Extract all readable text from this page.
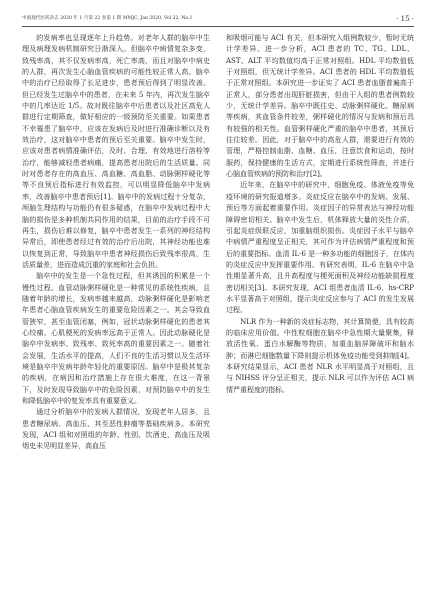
中国现代医药杂志 2020 年 1 月第 22 卷第 1 期 MMJC, Jan 2020, Vol 22, No.1	· 15 ·

的发病率也呈现逐年上升趋势。对老年人群的脑卒中生理及病理发病机制研究日渐深入。但脑卒中病情复杂多变，致残率高，其不仅发病率高，死亡率高，而且对脑卒中病史的人群，再次发生心脑血管疾病的可能性较正常人高。脑卒中的治疗已经取得了长足进步，患者预后得到了明显改善。但已经发生过脑卒中的患者，在未来 5 年内，再次发生脑卒中的几率达近 1/5。故对既往脑卒中后患者以及社区高危人群进行定期筛查，做好相应的一级预防至关重要。如果患者不幸罹患了脑卒中，应该在发病后及时进行准确诊断以及有效治疗，这对脑卒中患者的预后至关重要。脑卒中发生时，应该对患者病情准确评估，及时、合理、有效地进行溶栓等治疗，能够减轻患者病痛，提高患者出院后的生活质量。同时对患者存在的高血压、高血糖、高血脂、动脉粥样硬化等等不良预后指标进行有效监控，可以明显降低脑卒中发病率，改善脑卒中患者预后[1]。脑卒中的发病过程十分复杂，颅脑生理结构与功能仍有很多疑惑，在脑卒中发病过程中大脑的损伤是多种机制共同作用的结果，目前的治疗手段不可再生，损伤后难以修复，脑卒中患者发生一系列的神经结构异常后，即使患者经过有效的治疗后出院，其神经功能也难以恢复到正常，导致脑卒中患者神经损伤后致残率很高，生活质量差，进而造成沉重的家庭和社会负担。

脑卒中的发生是一个急性过程，但其诱因的积累是一个慢性过程。血管动脉粥样硬化是一种常见的系统性疾病，且随着年龄的增长，发病率越来越高，动脉粥样硬化是影响老年患者心脑血管疾病发生的重要危险因素之一。其会导致血管狭窄，甚至血管闭塞，例如，冠状动脉粥样硬化的患者其心绞痛、心肌梗死的发病率远高于正常人。因此动脉硬化是脑卒中发病率、致残率、致死率高的重要因素之一。随着社会发展，生活水平的提高，人们不良的生活习惯以及生活环境是脑卒中发病年龄年轻化的重要原因。脑卒中是极其复杂的疾病，在病因和治疗措施上存在很大难度，在这一背景下，及时发现导致脑卒中的危险因素，对预防脑卒中的发生和降低脑卒中的复发率具有重要意义。

通过分析脑卒中的发病人群情况，发现老年人居多，且患者糖尿病、高血压、其至恶性肿瘤等基础疾病多。本研究发现，ACI 组和对照组的年龄、性别、饮酒史、高血压及吸烟史未见明显差异，高血压

和吸烟可能与 ACI 有关，但本研究入组例数较少，暂时无统计学差异。进一步分析，ACI 患者的 TC、TG、LDL、AST、ALT 平均数值均高于正常对照组。HDL 平均数值低于对照组，但无统计学差异。ACI 患者的 HDL 平均数值低于正常对照组。本研究进一步证实了 ACI 患者血脂普遍高于正常人，部分患者出现肝脏损害，但由于入组的患者例数较少，无统计学差异。脑卒中既往史、动脉粥样硬化、糖尿病等疾病，其血管条件较差，粥样硬化的情况与发病和预后具有较强的相关性。血管粥样硬化严重的脑卒中患者，其预后往往较差。因此，对于脑卒中的高危人群，需要进行有效的管理，严格控制血脂、血糖、血压，注意饮食和运动，按时服药，保持健康的生活方式，定期进行系统性筛查，并进行心脑血管疾病的预防和治疗[2]。

近年来，在脑卒中的研究中，细胞免疫、体液免疫等免疫环境的研究报道增多。炎症反应在脑卒中的发病、发展、预后等方面起着重要作用。炎症因子的异常表达与神经功能障碍密切相关。脑卒中发生后，机体释放大量的炎性介质，引起炎症级联反应，加重脑组织损伤。炎症因子水平与脑卒中病情严重程度呈正相关，其可作为评估病情严重程度和预后的重要指标。血清 IL-6 是一种多功能的细胞因子，在体内的炎症反应中发挥重要作用。有研究表明，IL-6 在脑卒中急性期显著升高，且升高程度与梗死面积及神经功能缺损程度密切相关[3]。本研究发现，ACI 组患者血清 IL-6、hs-CRP 水平显著高于对照组，提示炎症反应参与了 ACI 的发生发展过程。

NLR 作为一种新的炎症标志物，其计算简便，具有较高的临床应用价值。中性粒细胞在脑卒中急性期大量聚集，释放活性氧、蛋白水解酶等物质，加重血脑屏障破坏和脑水肿；而淋巴细胞数量下降则提示机体免疫功能受到抑制[4]。本研究结果显示，ACI 患者 NLR 水平明显高于对照组，且与 NIHSS 评分呈正相关，提示 NLR 可以作为评估 ACI 病情严重程度的指标。
